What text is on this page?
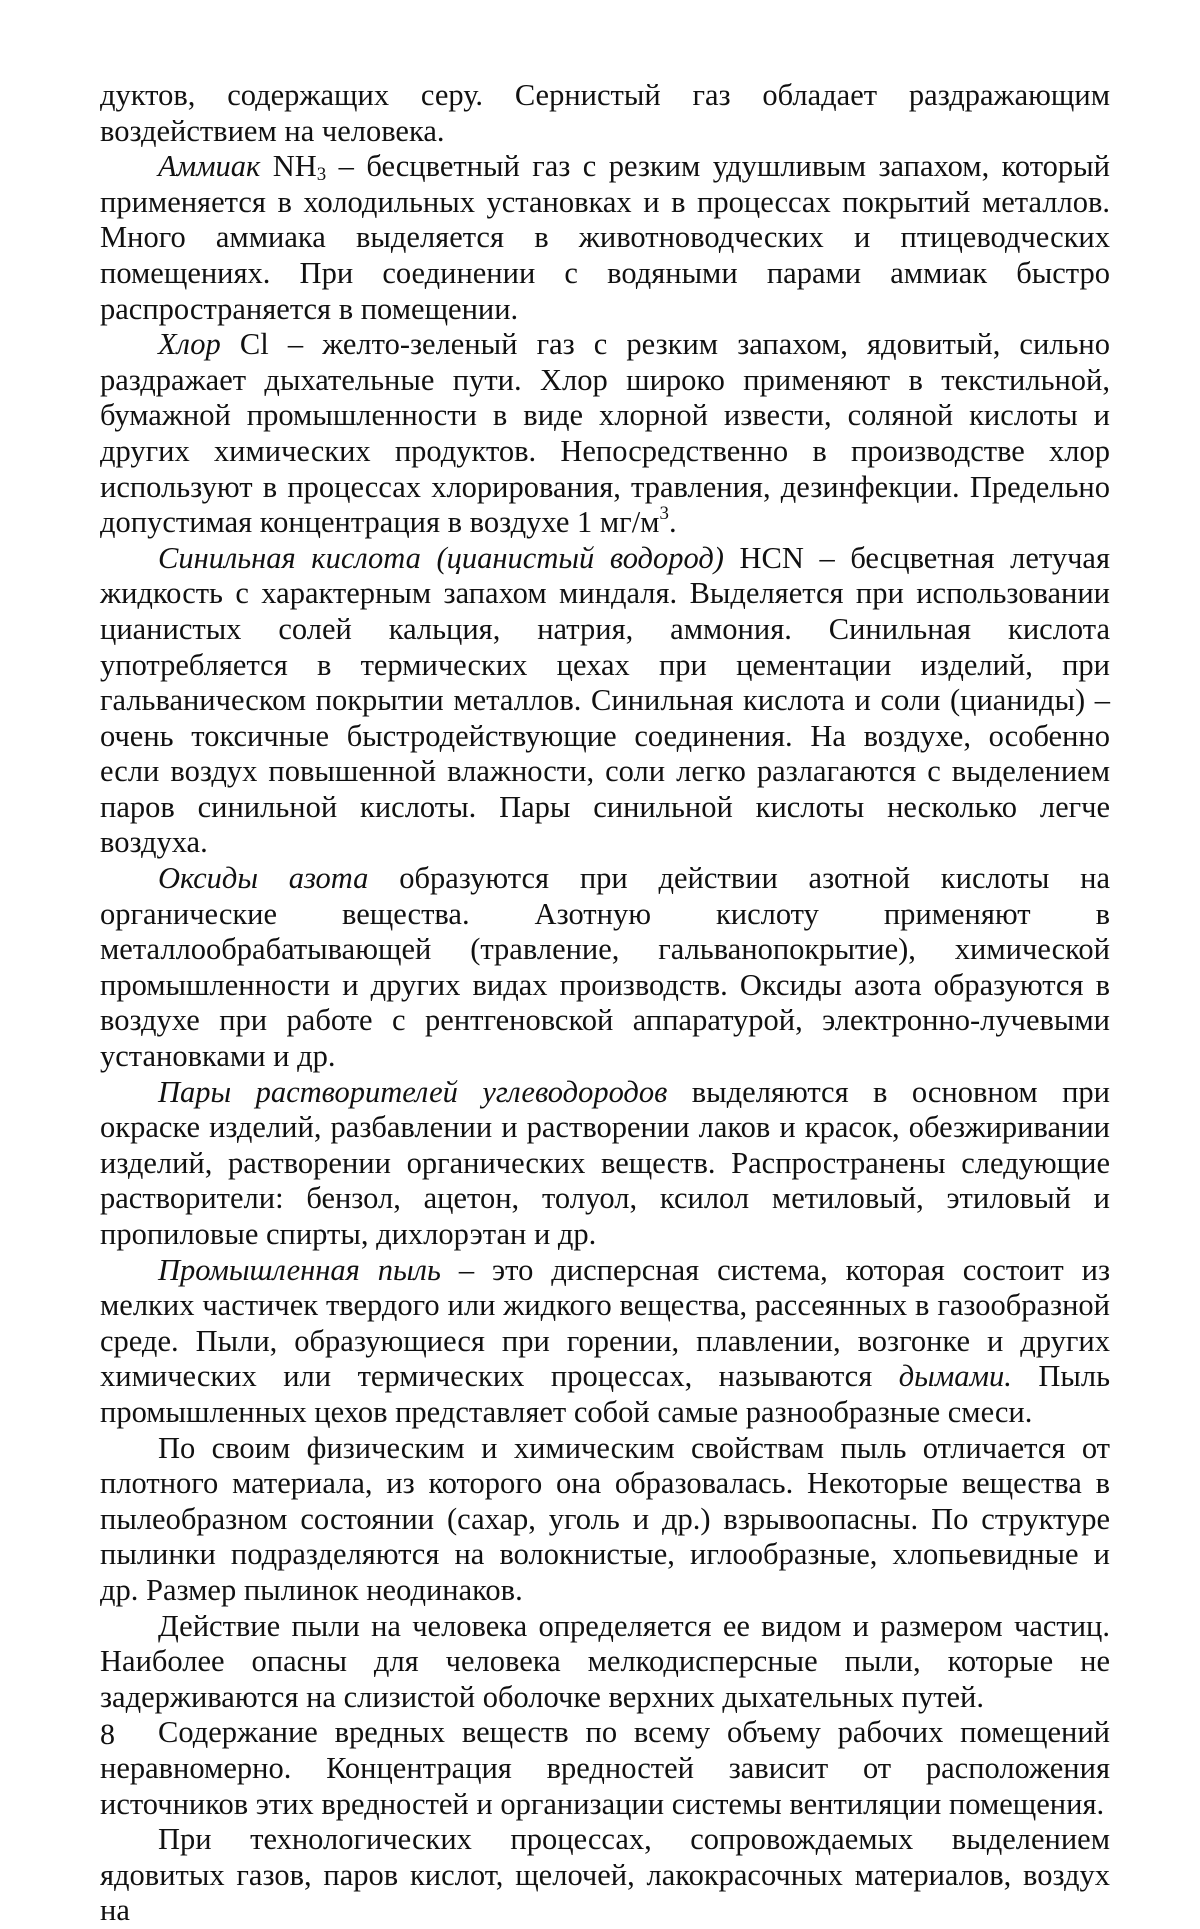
дуктов, содержащих серу. Сернистый газ обладает раздражающим воздействием на человека.

Аммиак $NH_3$ – бесцветный газ с резким удушливым запахом, который применяется в холодильных установках и в процессах покрытий металлов. Много аммиака выделяется в животноводческих и птицеводческих помещениях. При соединении с водяными парами аммиак быстро распространяется в помещении.

Хлор Cl – желто-зеленый газ с резким запахом, ядовитый, сильно раздражает дыхательные пути. Хлор широко применяют в текстильной, бумажной промышленности в виде хлорной извести, соляной кислоты и других химических продуктов. Непосредственно в производстве хлор используют в процессах хлорирования, травления, дезинфекции. Предельно допустимая концентрация в воздухе 1 $мг/м^3$.

Синильная кислота (цианистый водород) HCN – бесцветная летучая жидкость с характерным запахом миндаля. Выделяется при использовании цианистых солей кальция, натрия, аммония. Синильная кислота употребляется в термических цехах при цементации изделий, при гальваническом покрытии металлов. Синильная кислота и соли (цианиды) – очень токсичные быстродействующие соединения. На воздухе, особенно если воздух повышенной влажности, соли легко разлагаются с выделением паров синильной кислоты. Пары синильной кислоты несколько легче воздуха.

Оксиды азота образуются при действии азотной кислоты на органические вещества. Азотную кислоту применяют в металлообрабатывающей (травление, гальванопокрытие), химической промышленности и других видах производств. Оксиды азота образуются в воздухе при работе с рентгеновской аппаратурой, электронно-лучевыми установками и др.

Пары растворителей углеводородов выделяются в основном при окраске изделий, разбавлении и растворении лаков и красок, обезжиривании изделий, растворении органических веществ. Распространены следующие растворители: бензол, ацетон, толуол, ксилол метиловый, этиловый и пропиловые спирты, дихлорэтан и др.

Промышленная пыль – это дисперсная система, которая состоит из мелких частичек твердого или жидкого вещества, рассеянных в газообразной среде. Пыли, образующиеся при горении, плавлении, возгонке и других химических или термических процессах, называются дымами. Пыль промышленных цехов представляет собой самые разнообразные смеси.

По своим физическим и химическим свойствам пыль отличается от плотного материала, из которого она образовалась. Некоторые вещества в пылеобразном состоянии (сахар, уголь и др.) взрывоопасны. По структуре пылинки подразделяются на волокнистые, иглообразные, хлопьевидные и др. Размер пылинок неодинаков.

Действие пыли на человека определяется ее видом и размером частиц. Наиболее опасны для человека мелкодисперсные пыли, которые не задерживаются на слизистой оболочке верхних дыхательных путей.

Содержание вредных веществ по всему объему рабочих помещений неравномерно. Концентрация вредностей зависит от расположения источников этих вредностей и организации системы вентиляции помещения.

При технологических процессах, сопровождаемых выделением ядовитых газов, паров кислот, щелочей, лакокрасочных материалов, воздух на

8
